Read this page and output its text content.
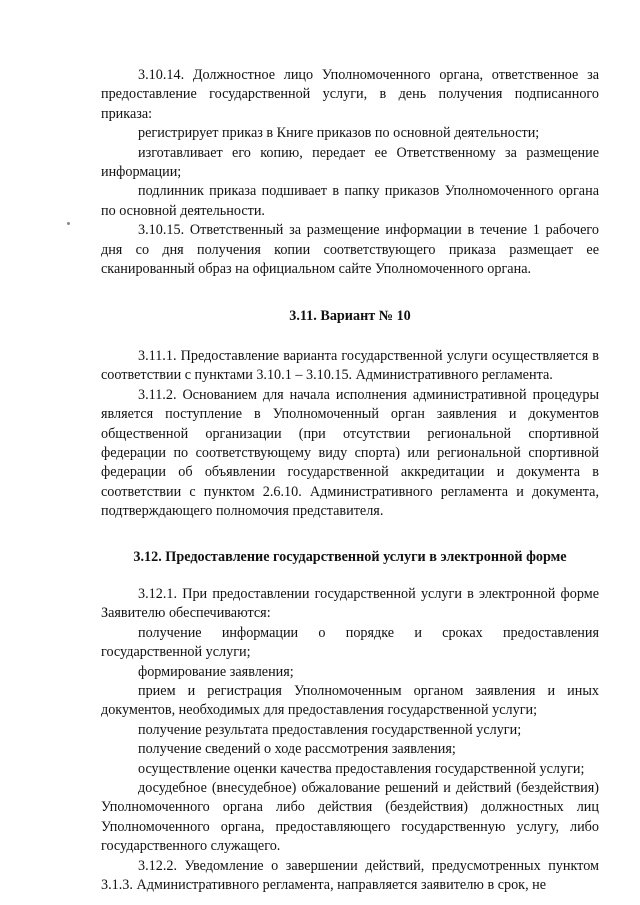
3.10.14. Должностное лицо Уполномоченного органа, ответственное за предоставление государственной услуги, в день получения подписанного приказа:

регистрирует приказ в Книге приказов по основной деятельности;

изготавливает его копию, передает ее Ответственному за размещение информации;

подлинник приказа подшивает в папку приказов Уполномоченного органа по основной деятельности.

3.10.15. Ответственный за размещение информации в течение 1 рабочего дня со дня получения копии соответствующего приказа размещает ее сканированный образ на официальном сайте Уполномоченного органа.

3.11. Вариант № 10

3.11.1. Предоставление варианта государственной услуги осуществляется в соответствии с пунктами 3.10.1 – 3.10.15. Административного регламента.

3.11.2. Основанием для начала исполнения административной процедуры является поступление в Уполномоченный орган заявления и документов общественной организации (при отсутствии региональной спортивной федерации по соответствующему виду спорта) или региональной спортивной федерации об объявлении государственной аккредитации и документа в соответствии с пунктом 2.6.10. Административного регламента и документа, подтверждающего полномочия представителя.

3.12. Предоставление государственной услуги в электронной форме

3.12.1. При предоставлении государственной услуги в электронной форме Заявителю обеспечиваются:

получение информации о порядке и сроках предоставления государственной услуги;

формирование заявления;

прием и регистрация Уполномоченным органом заявления и иных документов, необходимых для предоставления государственной услуги;

получение результата предоставления государственной услуги;

получение сведений о ходе рассмотрения заявления;

осуществление оценки качества предоставления государственной услуги;

досудебное (внесудебное) обжалование решений и действий (бездействия) Уполномоченного органа либо действия (бездействия) должностных лиц Уполномоченного органа, предоставляющего государственную услугу, либо государственного служащего.

3.12.2. Уведомление о завершении действий, предусмотренных пунктом 3.1.3. Административного регламента, направляется заявителю в срок, не
